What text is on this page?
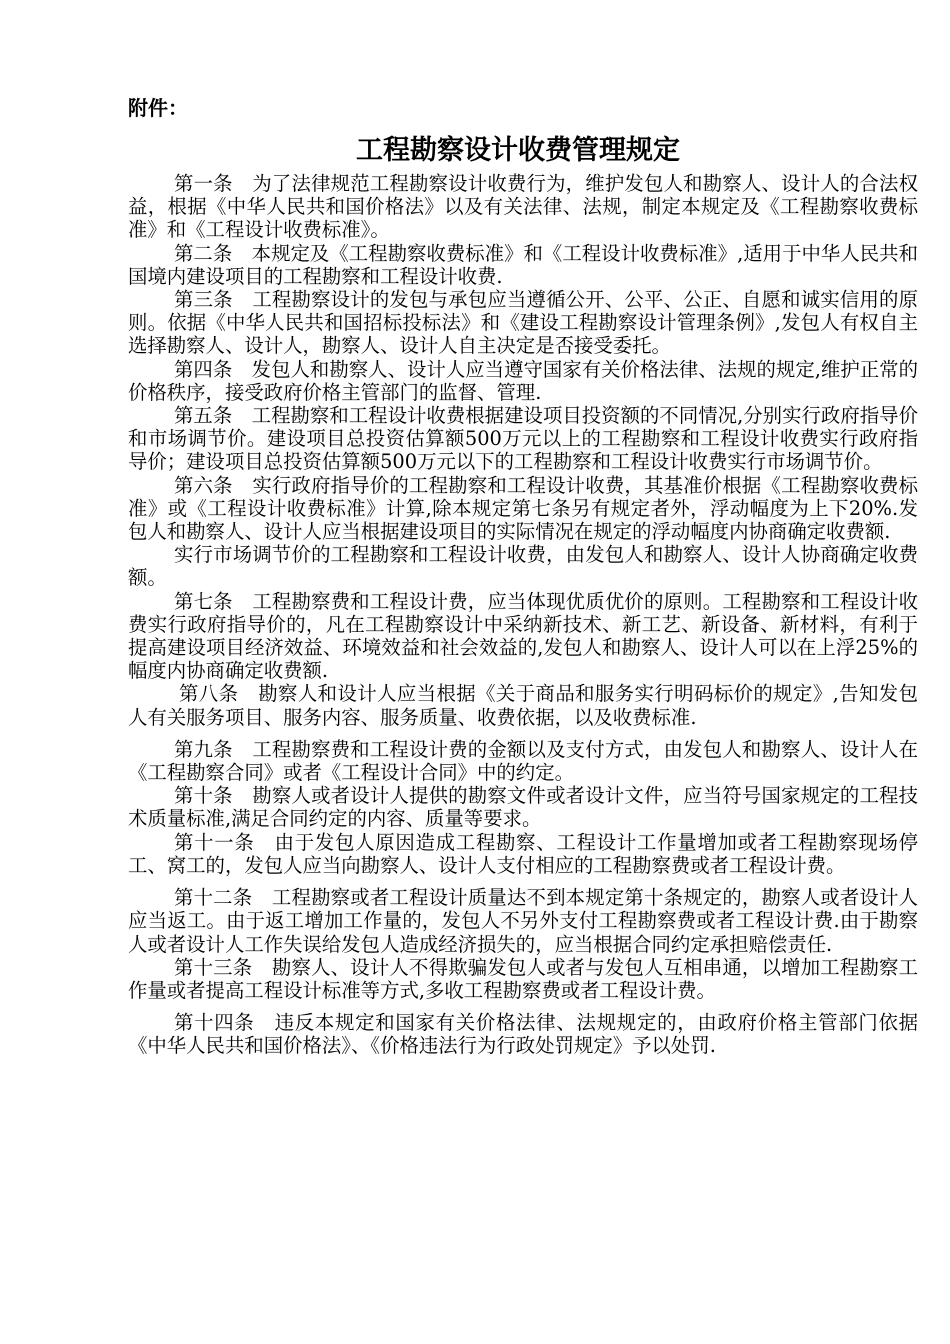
附件：
工程勘察设计收费管理规定

第一条　为了法律规范工程勘察设计收费行为，维护发包人和勘察人、设计人的合法权益，根据《中华人民共和国价格法》以及有关法律、法规，制定本规定及《工程勘察收费标准》和《工程设计收费标准》。

第二条　本规定及《工程勘察收费标准》和《工程设计收费标准》,适用于中华人民共和国境内建设项目的工程勘察和工程设计收费.

第三条　工程勘察设计的发包与承包应当遵循公开、公平、公正、自愿和诚实信用的原则。依据《中华人民共和国招标投标法》和《建设工程勘察设计管理条例》,发包人有权自主选择勘察人、设计人，勘察人、设计人自主决定是否接受委托。

第四条　发包人和勘察人、设计人应当遵守国家有关价格法律、法规的规定,维护正常的价格秩序，接受政府价格主管部门的监督、管理.

第五条　工程勘察和工程设计收费根据建设项目投资额的不同情况,分别实行政府指导价和市场调节价。建设项目总投资估算额500万元以上的工程勘察和工程设计收费实行政府指导价；建设项目总投资估算额500万元以下的工程勘察和工程设计收费实行市场调节价。

第六条　实行政府指导价的工程勘察和工程设计收费，其基准价根据《工程勘察收费标准》或《工程设计收费标准》计算,除本规定第七条另有规定者外，浮动幅度为上下20%.发包人和勘察人、设计人应当根据建设项目的实际情况在规定的浮动幅度内协商确定收费额.

实行市场调节价的工程勘察和工程设计收费，由发包人和勘察人、设计人协商确定收费额。

第七条　工程勘察费和工程设计费，应当体现优质优价的原则。工程勘察和工程设计收费实行政府指导价的，凡在工程勘察设计中采纳新技术、新工艺、新设备、新材料，有利于提高建设项目经济效益、环境效益和社会效益的,发包人和勘察人、设计人可以在上浮25%的幅度内协商确定收费额.

第八条　勘察人和设计人应当根据《关于商品和服务实行明码标价的规定》,告知发包人有关服务项目、服务内容、服务质量、收费依据，以及收费标准.

第九条　工程勘察费和工程设计费的金额以及支付方式，由发包人和勘察人、设计人在《工程勘察合同》或者《工程设计合同》中的约定。

第十条　勘察人或者设计人提供的勘察文件或者设计文件，应当符号国家规定的工程技术质量标准,满足合同约定的内容、质量等要求。

第十一条　由于发包人原因造成工程勘察、工程设计工作量增加或者工程勘察现场停工、窝工的，发包人应当向勘察人、设计人支付相应的工程勘察费或者工程设计费。

第十二条　工程勘察或者工程设计质量达不到本规定第十条规定的，勘察人或者设计人应当返工。由于返工增加工作量的，发包人不另外支付工程勘察费或者工程设计费.由于勘察人或者设计人工作失误给发包人造成经济损失的，应当根据合同约定承担赔偿责任.

第十三条　勘察人、设计人不得欺骗发包人或者与发包人互相串通，以增加工程勘察工作量或者提高工程设计标准等方式,多收工程勘察费或者工程设计费。

第十四条　违反本规定和国家有关价格法律、法规规定的，由政府价格主管部门依据《中华人民共和国价格法》、《价格违法行为行政处罚规定》予以处罚.
